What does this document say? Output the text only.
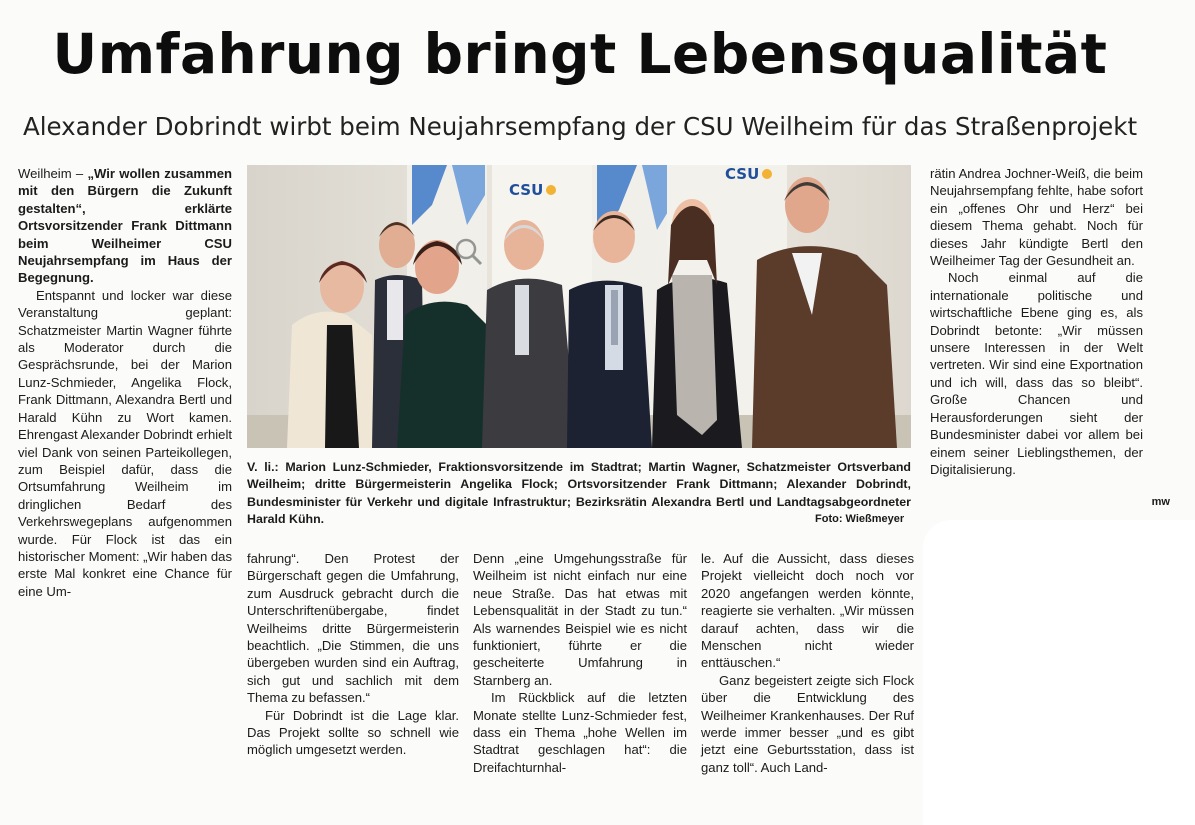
Umfahrung bringt Lebensqualität
Alexander Dobrindt wirbt beim Neujahrsempfang der CSU Weilheim für das Straßenprojekt

Weilheim – „Wir wollen zusammen mit den Bürgern die Zukunft gestalten“, erklärte Ortsvorsitzender Frank Dittmann beim Weilheimer CSU Neujahrsempfang im Haus der Begegnung.

Entspannt und locker war diese Veranstaltung geplant: Schatzmeister Martin Wagner führte als Moderator durch die Gesprächsrunde, bei der Marion Lunz-Schmieder, Angelika Flock, Frank Dittmann, Alexandra Bertl und Harald Kühn zu Wort kamen. Ehrengast Alexander Dobrindt erhielt viel Dank von seinen Parteikollegen, zum Beispiel dafür, dass die Ortsumfahrung Weilheim im dringlichen Bedarf des Verkehrswegeplans aufgenommen wurde. Für Flock ist das ein historischer Moment: „Wir haben das erste Mal konkret eine Chance für eine Um-

CSU
CSU
V. li.: Marion Lunz-Schmieder, Fraktionsvorsitzende im Stadtrat; Martin Wagner, Schatzmeister Ortsverband Weilheim; dritte Bürgermeisterin Angelika Flock; Ortsvorsitzender Frank Dittmann; Alexander Dobrindt, Bundesminister für Verkehr und digitale Infrastruktur; Bezirksrätin Alexandra Bertl und Landtagsabgeordneter Harald Kühn.	Foto: Wießmeyer

fahrung“. Den Protest der Bürgerschaft gegen die Umfahrung, zum Ausdruck gebracht durch die Unterschriftenübergabe, findet Weilheims dritte Bürgermeisterin beachtlich. „Die Stimmen, die uns übergeben wurden sind ein Auftrag, sich gut und sachlich mit dem Thema zu befassen.“

Für Dobrindt ist die Lage klar. Das Projekt sollte so schnell wie möglich umgesetzt werden.

Denn „eine Umgehungsstraße für Weilheim ist nicht einfach nur eine neue Straße. Das hat etwas mit Lebensqualität in der Stadt zu tun.“ Als warnendes Beispiel wie es nicht funktioniert, führte er die gescheiterte Umfahrung in Starnberg an.

Im Rückblick auf die letzten Monate stellte Lunz-Schmieder fest, dass ein Thema „hohe Wellen im Stadtrat geschlagen hat“: die Dreifachturnhal-

le. Auf die Aussicht, dass dieses Projekt vielleicht doch noch vor 2020 angefangen werden könnte, reagierte sie verhalten. „Wir müssen darauf achten, dass wir die Menschen nicht wieder enttäuschen.“

Ganz begeistert zeigte sich Flock über die Entwicklung des Weilheimer Krankenhauses. Der Ruf werde immer besser „und es gibt jetzt eine Geburtsstation, dass ist ganz toll“. Auch Land-

rätin Andrea Jochner-Weiß, die beim Neujahrsempfang fehlte, habe sofort ein „offenes Ohr und Herz“ bei diesem Thema gehabt. Noch für dieses Jahr kündigte Bertl den Weilheimer Tag der Gesundheit an.

Noch einmal auf die internationale politische und wirtschaftliche Ebene ging es, als Dobrindt betonte: „Wir müssen unsere Interessen in der Welt vertreten. Wir sind eine Exportnation und ich will, dass das so bleibt“. Große Chancen und Herausforderungen sieht der Bundesminister dabei vor allem bei einem seiner Lieblingsthemen, der Digitalisierung.

mw
